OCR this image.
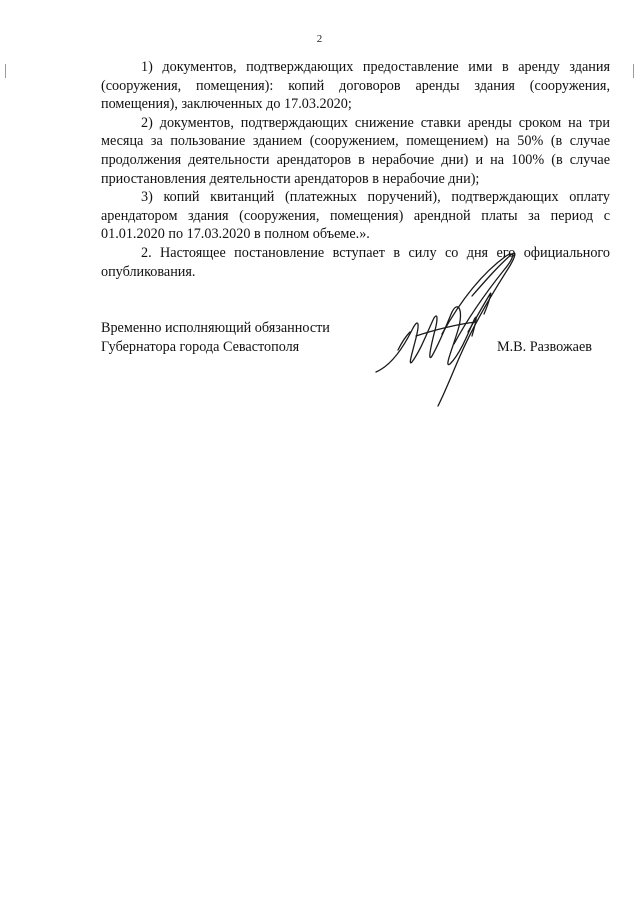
2

1) документов, подтверждающих предоставление ими в аренду здания (сооружения, помещения): копий договоров аренды здания (сооружения, помещения), заключенных до 17.03.2020;

2) документов, подтверждающих снижение ставки аренды сроком на три месяца за пользование зданием (сооружением, помещением) на 50% (в случае продолжения деятельности арендаторов в нерабочие дни) и на 100% (в случае приостановления деятельности арендаторов в нерабочие дни);

3) копий квитанций (платежных поручений), подтверждающих оплату арендатором здания (сооружения, помещения) арендной платы за период с 01.01.2020 по 17.03.2020 в полном объеме.».

2. Настоящее постановление вступает в силу со дня его официального опубликования.

Временно исполняющий обязанности
Губернатора города Севастополя	М.В. Развожаев
